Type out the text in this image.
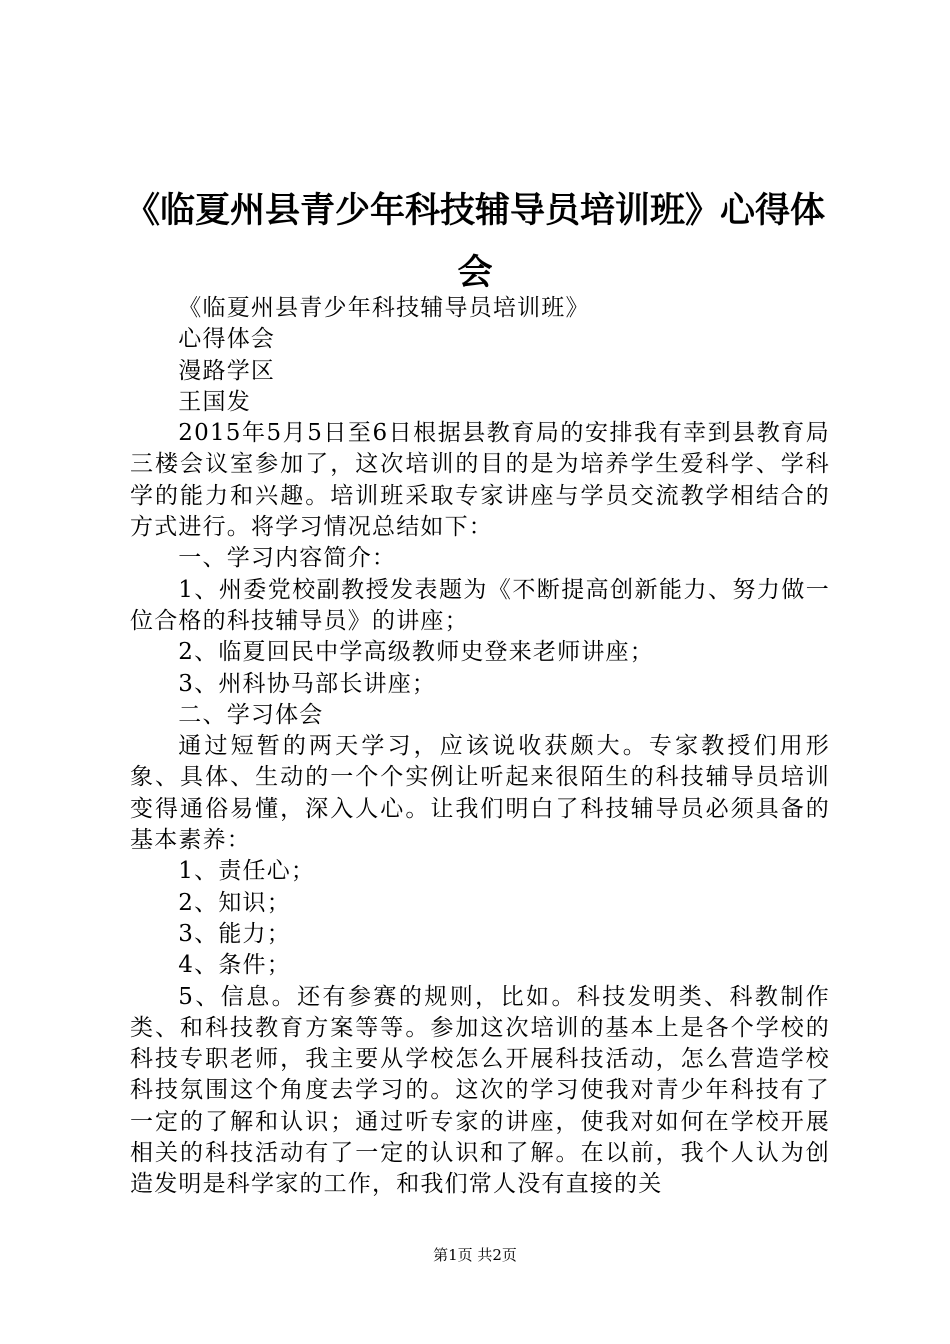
《临夏州县青少年科技辅导员培训班》心得体会

《临夏州县青少年科技辅导员培训班》

心得体会

漫路学区

王国发

2015年5月5日至6日根据县教育局的安排我有幸到县教育局三楼会议室参加了，这次培训的目的是为培养学生爱科学、学科学的能力和兴趣。培训班采取专家讲座与学员交流教学相结合的方式进行。将学习情况总结如下：

一、学习内容简介：

1、州委党校副教授发表题为《不断提高创新能力、努力做一位合格的科技辅导员》的讲座；

2、临夏回民中学高级教师史登来老师讲座；

3、州科协马部长讲座；

二、学习体会

通过短暂的两天学习，应该说收获颇大。专家教授们用形象、具体、生动的一个个实例让听起来很陌生的科技辅导员培训变得通俗易懂，深入人心。让我们明白了科技辅导员必须具备的基本素养：

1、责任心；

2、知识；

3、能力；

4、条件；

5、信息。还有参赛的规则，比如。科技发明类、科教制作类、和科技教育方案等等。参加这次培训的基本上是各个学校的科技专职老师，我主要从学校怎么开展科技活动，怎么营造学校科技氛围这个角度去学习的。这次的学习使我对青少年科技有了一定的了解和认识；通过听专家的讲座，使我对如何在学校开展相关的科技活动有了一定的认识和了解。在以前，我个人认为创造发明是科学家的工作，和我们常人没有直接的关

第1页 共2页
